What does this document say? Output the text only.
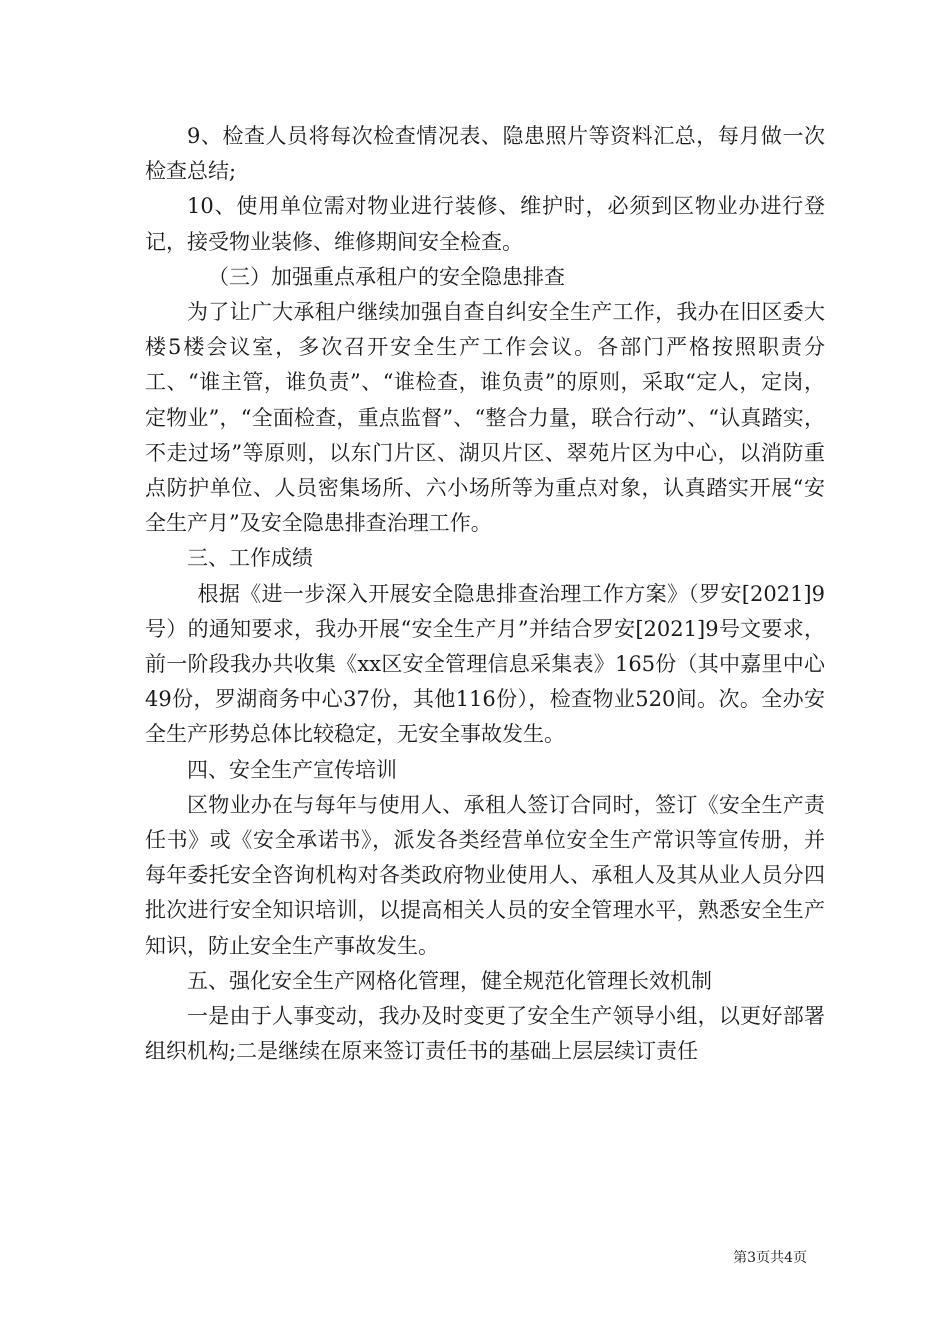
9、检查人员将每次检查情况表、隐患照片等资料汇总，每月做一次检查总结;

10、使用单位需对物业进行装修、维护时，必须到区物业办进行登记，接受物业装修、维修期间安全检查。

（三）加强重点承租户的安全隐患排查

为了让广大承租户继续加强自查自纠安全生产工作，我办在旧区委大楼5楼会议室，多次召开安全生产工作会议。各部门严格按照职责分工、“谁主管，谁负责”、“谁检查，谁负责”的原则，采取“定人，定岗，定物业”，“全面检查，重点监督”、“整合力量，联合行动”、“认真踏实，不走过场”等原则，以东门片区、湖贝片区、翠苑片区为中心，以消防重点防护单位、人员密集场所、六小场所等为重点对象，认真踏实开展“安全生产月”及安全隐患排查治理工作。

三、工作成绩

根据《进一步深入开展安全隐患排查治理工作方案》（罗安[2021]9号）的通知要求，我办开展“安全生产月”并结合罗安[2021]9号文要求，前一阶段我办共收集《xx区安全管理信息采集表》165份（其中嘉里中心49份，罗湖商务中心37份，其他116份），检查物业520间。次。全办安全生产形势总体比较稳定，无安全事故发生。

四、安全生产宣传培训

区物业办在与每年与使用人、承租人签订合同时，签订《安全生产责任书》或《安全承诺书》，派发各类经营单位安全生产常识等宣传册，并每年委托安全咨询机构对各类政府物业使用人、承租人及其从业人员分四批次进行安全知识培训，以提高相关人员的安全管理水平，熟悉安全生产知识，防止安全生产事故发生。

五、强化安全生产网格化管理，健全规范化管理长效机制

一是由于人事变动，我办及时变更了安全生产领导小组，以更好部署组织机构;二是继续在原来签订责任书的基础上层层续订责任

第3页共4页
